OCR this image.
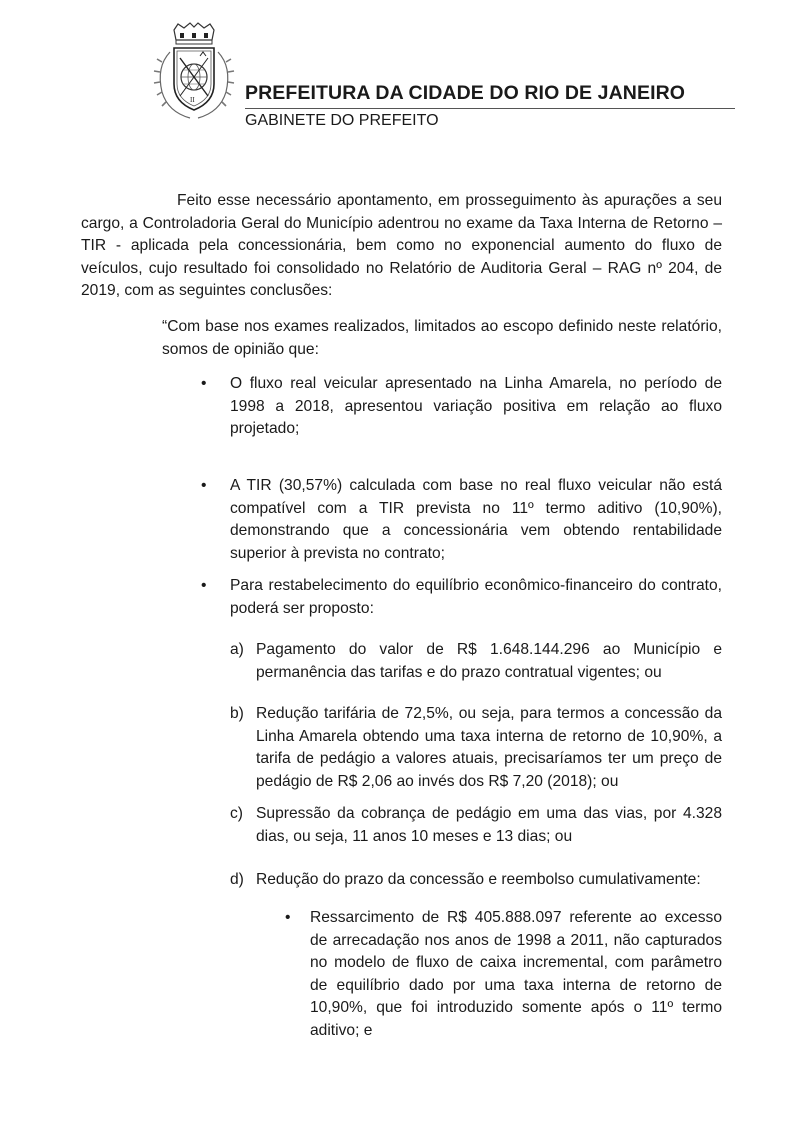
II	PREFEITURA DA CIDADE DO RIO DE JANEIRO
GABINETE DO PREFEITO
Feito esse necessário apontamento, em prosseguimento às apurações a seu cargo, a Controladoria Geral do Município adentrou no exame da Taxa Interna de Retorno –TIR - aplicada pela concessionária, bem como no exponencial aumento do fluxo de veículos, cujo resultado foi consolidado no Relatório de Auditoria Geral – RAG nº 204, de 2019, com as seguintes conclusões:
“Com base nos exames realizados, limitados ao escopo definido neste relatório, somos de opinião que:
• O fluxo real veicular apresentado na Linha Amarela, no período de 1998 a 2018, apresentou variação positiva em relação ao fluxo projetado;
• A TIR (30,57%) calculada com base no real fluxo veicular não está compatível com a TIR prevista no 11º termo aditivo (10,90%), demonstrando que a concessionária vem obtendo rentabilidade superior à prevista no contrato;
• Para restabelecimento do equilíbrio econômico-financeiro do contrato, poderá ser proposto:
a) Pagamento do valor de R$ 1.648.144.296 ao Município e permanência das tarifas e do prazo contratual vigentes; ou
b) Redução tarifária de 72,5%, ou seja, para termos a concessão da Linha Amarela obtendo uma taxa interna de retorno de 10,90%, a tarifa de pedágio a valores atuais, precisaríamos ter um preço de pedágio de R$ 2,06 ao invés dos R$ 7,20 (2018); ou
c) Supressão da cobrança de pedágio em uma das vias, por 4.328 dias, ou seja, 11 anos 10 meses e 13 dias; ou
d) Redução do prazo da concessão e reembolso cumulativamente:
• Ressarcimento de R$ 405.888.097 referente ao excesso de arrecadação nos anos de 1998 a 2011, não capturados no modelo de fluxo de caixa incremental, com parâmetro de equilíbrio dado por uma taxa interna de retorno de 10,90%, que foi introduzido somente após o 11º termo aditivo; e
